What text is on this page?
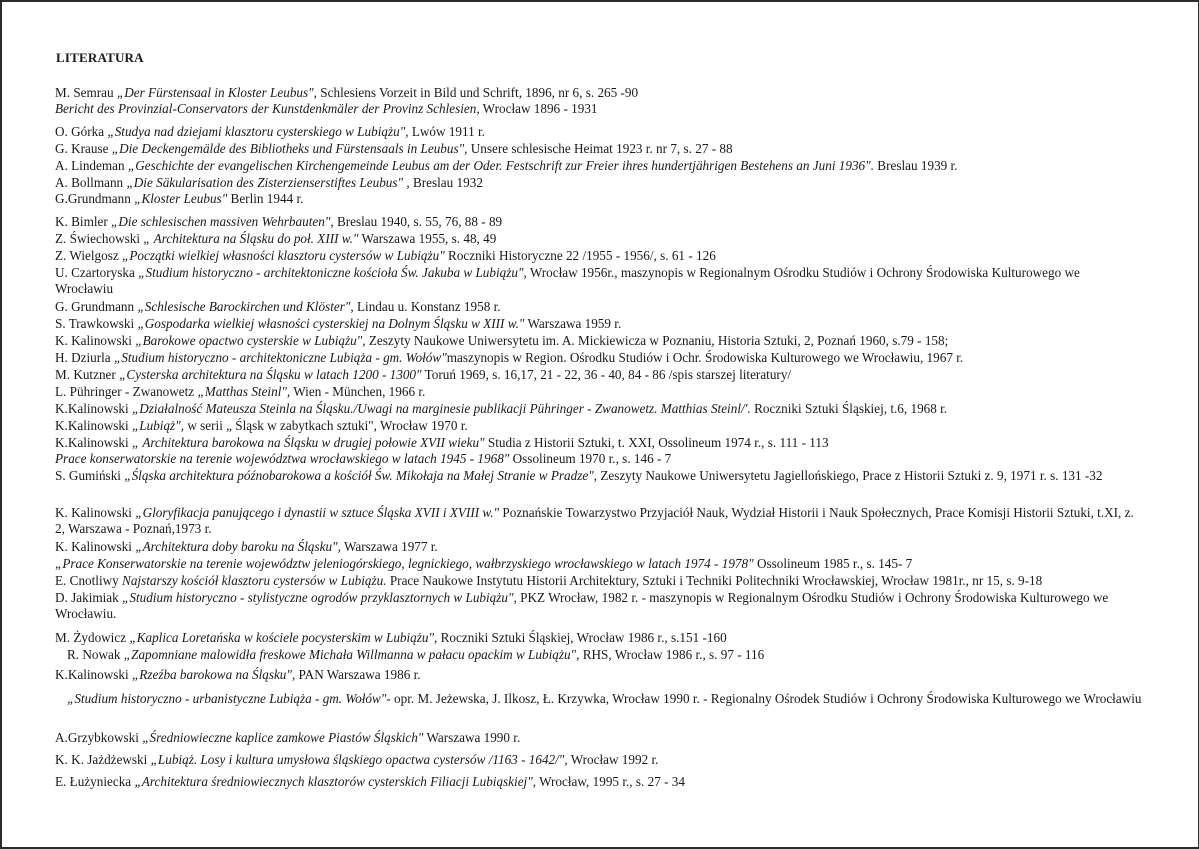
LITERATURA
M. Semrau „Der Fürstensaal in Kloster Leubus", Schlesiens Vorzeit in Bild und Schrift, 1896, nr 6, s. 265 -90
Bericht des Provinzial-Conservators der Kunstdenkmäler der Provinz Schlesien, Wrocław 1896 - 1931
O. Górka „Studya nad dziejami klasztoru cysterskiego w Lubiążu", Lwów 1911 r.
G. Krause „Die Deckengemälde des Bibliotheks und Fürstensaals in Leubus", Unsere schlesische Heimat 1923 r. nr 7, s. 27 - 88
A. Lindeman „Geschichte der evangelischen Kirchengemeinde Leubus am der Oder. Festschrift zur Freier ihres hundertjährigen Bestehens an Juni 1936". Breslau 1939 r.
A. Bollmann „Die Säkularisation des Zisterzienserstiftes Leubus" , Breslau 1932
G.Grundmann „Kloster Leubus" Berlin 1944 r.
K. Bimler „Die schlesischen massiven Wehrbauten", Breslau 1940, s. 55, 76, 88 - 89
Z. Świechowski „ Architektura na Śląsku do poł. XIII w." Warszawa 1955, s. 48, 49
Z. Wielgosz „Początki wielkiej własności klasztoru cystersów w Lubiążu" Roczniki Historyczne 22 /1955 - 1956/, s. 61 - 126
U. Czartoryska „Studium historyczno - architektoniczne kościoła Św. Jakuba w Lubiążu", Wrocław 1956r., maszynopis w Regionalnym Ośrodku Studiów i Ochrony Środowiska Kulturowego we Wrocławiu
G. Grundmann „Schlesische Barockirchen und Klöster", Lindau u. Konstanz 1958 r.
S. Trawkowski „Gospodarka wielkiej własności cysterskiej na Dolnym Śląsku w XIII w." Warszawa 1959 r.
K. Kalinowski „Barokowe opactwo cysterskie w Lubiążu", Zeszyty Naukowe Uniwersytetu im. A. Mickiewicza w Poznaniu, Historia Sztuki, 2, Poznań 1960, s.79 - 158;
H. Dziurla „Studium historyczno - architektoniczne Lubiąża - gm. Wołów"maszynopis w Region. Ośrodku Studiów i Ochr. Środowiska Kulturowego we Wrocławiu, 1967 r.
M. Kutzner „Cysterska architektura na Śląsku w latach 1200 - 1300" Toruń 1969, s. 16,17, 21 - 22, 36 - 40, 84 - 86 /spis starszej literatury/
L. Pühringer - Zwanowetz „Matthas Steinl", Wien - München, 1966 r.
K.Kalinowski „Działalność Mateusza Steinla na Śląsku./Uwagi na marginesie publikacji Pühringer - Zwanowetz. Matthias Steinl/'. Roczniki Sztuki Śląskiej, t.6, 1968 r.
K.Kalinowski „Lubiąż", w serii „ Śląsk w zabytkach sztuki", Wrocław 1970 r.
K.Kalinowski „ Architektura barokowa na Śląsku w drugiej połowie XVII wieku" Studia z Historii Sztuki, t. XXI, Ossolineum 1974 r., s. 111 - 113
Prace konserwatorskie na terenie województwa wrocławskiego w latach 1945 - 1968" Ossolineum 1970 r., s. 146 - 7
S. Gumiński „Śląska architektura późnobarokowa a kościół Św. Mikołaja na Małej Stranie w Pradze", Zeszyty Naukowe Uniwersytetu Jagiellońskiego, Prace z Historii Sztuki z. 9, 1971 r. s. 131 -32
K. Kalinowski „Gloryfikacja panującego i dynastii w sztuce Śląska XVII i XVIII w." Poznańskie Towarzystwo Przyjaciół Nauk, Wydział Historii i Nauk Społecznych, Prace Komisji Historii Sztuki, t.XI, z. 2, Warszawa - Poznań,1973 r.
K. Kalinowski „Architektura doby baroku na Śląsku", Warszawa 1977 r.
„Prace Konserwatorskie na terenie województw jeleniogórskiego, legnickiego, wałbrzyskiego wrocławskiego w latach 1974 - 1978" Ossolineum 1985 r., s. 145- 7
E. Cnotliwy Najstarszy kościół klasztoru cystersów w Lubiążu. Prace Naukowe Instytutu Historii Architektury, Sztuki i Techniki Politechniki Wrocławskiej, Wrocław 1981r., nr 15, s. 9-18
D. Jakimiak „Studium historyczno - stylistyczne ogrodów przyklasztornych w Lubiążu", PKZ Wrocław, 1982 r. - maszynopis w Regionalnym Ośrodku Studiów i Ochrony Środowiska Kulturowego we Wrocławiu.
M. Żydowicz „Kaplica Loretańska w kościele pocysterskim w Lubiążu", Roczniki Sztuki Śląskiej, Wrocław 1986 r., s.151 -160
R. Nowak „Zapomniane malowidła freskowe Michała Willmanna w pałacu opackim w Lubiążu", RHS, Wrocław 1986 r., s. 97 - 116
K.Kalinowski „Rzeźba barokowa na Śląsku", PAN Warszawa 1986 r.
„Studium historyczno - urbanistyczne Lubiąża - gm. Wołów"- opr. M. Jeżewska, J. Ilkosz, Ł. Krzywka, Wrocław 1990 r. - Regionalny Ośrodek Studiów i Ochrony Środowiska Kulturowego we Wrocławiu
A.Grzybkowski „Średniowieczne kaplice zamkowe Piastów Śląskich" Warszawa 1990 r.
K. K. Jażdżewski „Lubiąż. Losy i kultura umysłowa śląskiego opactwa cystersów /1163 - 1642/", Wrocław 1992 r.
E. Łużyniecka „Architektura średniowiecznych klasztorów cysterskich Filiacji Lubiąskiej", Wrocław, 1995 r., s. 27 - 34
